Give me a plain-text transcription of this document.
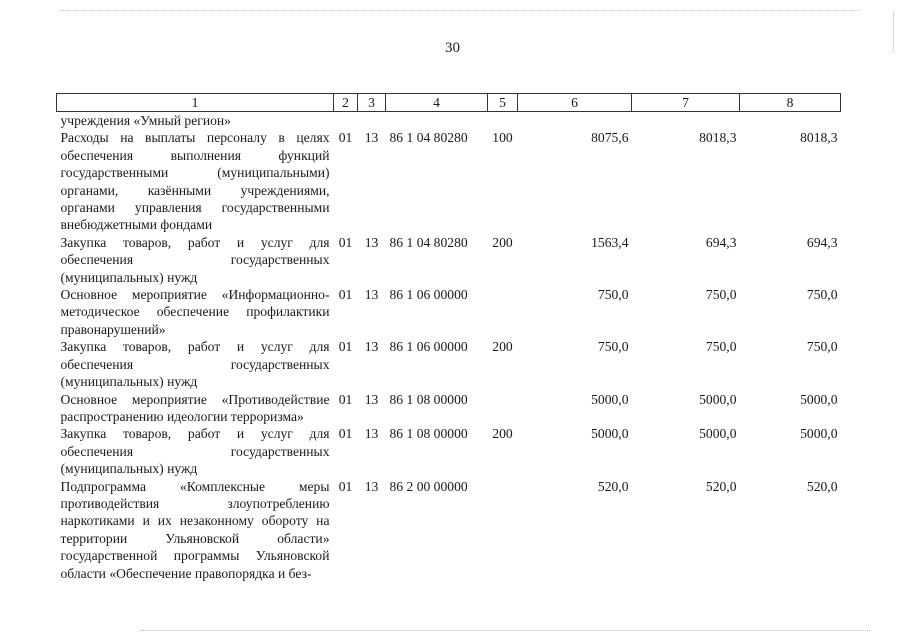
30
1	2	3	4	5	6	7	8
учреждения «Умный регион»							
Расходы на выплаты персоналу в целях обеспечения выполнения функций государственными (муниципальными) органами, казёнными учреждениями, органами управления государственными внебюджетными фондами	01	13	86 1 04 80280	100	8075,6	8018,3	8018,3
Закупка товаров, работ и услуг для обеспечения государственных (муниципальных) нужд	01	13	86 1 04 80280	200	1563,4	694,3	694,3
Основное мероприятие «Информационно-методическое обеспечение профилактики правонарушений»	01	13	86 1 06 00000		750,0	750,0	750,0
Закупка товаров, работ и услуг для обеспечения государственных (муниципальных) нужд	01	13	86 1 06 00000	200	750,0	750,0	750,0
Основное мероприятие «Противодействие распространению идеологии терроризма»	01	13	86 1 08 00000		5000,0	5000,0	5000,0
Закупка товаров, работ и услуг для обеспечения государственных (муниципальных) нужд	01	13	86 1 08 00000	200	5000,0	5000,0	5000,0
Подпрограмма «Комплексные меры противодействия злоупотреблению наркотиками и их незаконному обороту на территории Ульяновской области» государственной программы Ульяновской области «Обеспечение правопорядка и без-	01	13	86 2 00 00000		520,0	520,0	520,0
